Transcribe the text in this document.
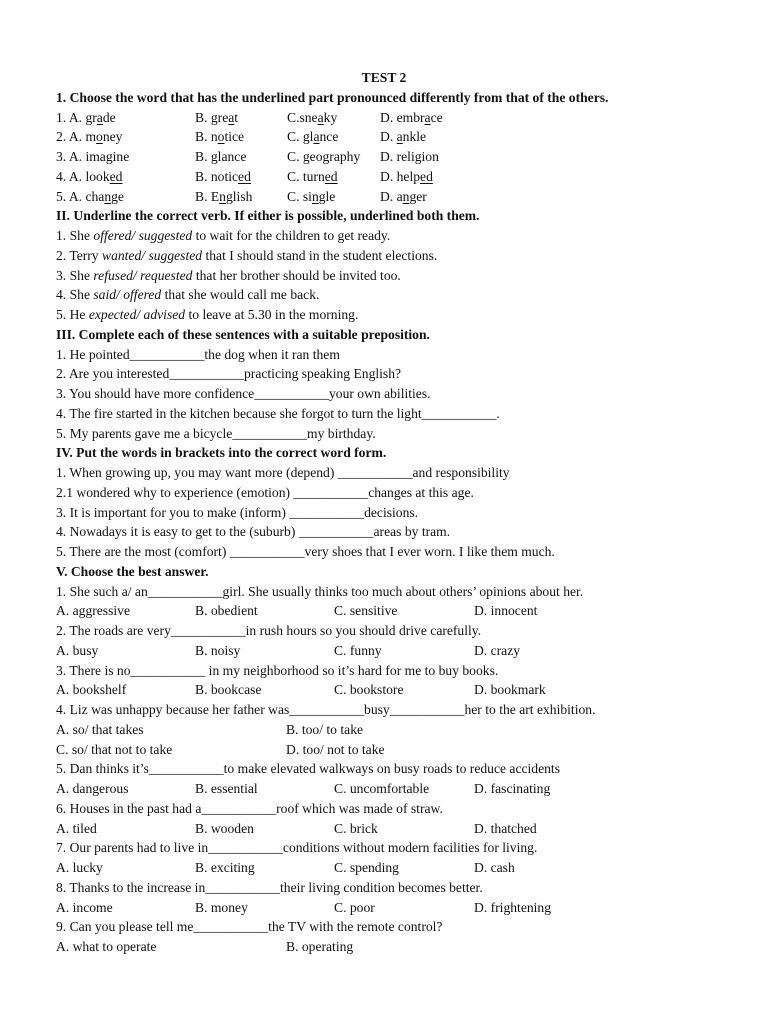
TEST 2
1. Choose the word that has the underlined part pronounced differently from that of the others.
1. A. grade	B. great	C.sneaky	D. embrace
2. A. money	B. notice	C. glance	D. ankle
3. A. imagine	B. glance	C. geography D. religion
4. A. looked	B. noticed	C. turned	D. helped
5. A. change	B. English	C. single	D. anger
II. Underline the correct verb. If either is possible, underlined both them.
1. She offered/ suggested to wait for the children to get ready.
2. Terry wanted/ suggested that I should stand in the student elections.
3. She refused/ requested that her brother should be invited too.
4. She said/ offered that she would call me back.
5. He expected/ advised to leave at 5.30 in the morning.
III. Complete each of these sentences with a suitable preposition.
1. He pointed___________the dog when it ran them
2. Are you interested___________practicing speaking English?
3. You should have more confidence___________your own abilities.
4. The fire started in the kitchen because she forgot to turn the light___________.
5. My parents gave me a bicycle___________my birthday.
IV. Put the words in brackets into the correct word form.
1. When growing up, you may want more (depend) ___________and responsibility
2.1 wondered why to experience (emotion) ___________changes at this age.
3. It is important for you to make (inform) ___________decisions.
4. Nowadays it is easy to get to the (suburb) ___________areas by tram.
5. There are the most (comfort) ___________very shoes that I ever worn. I like them much.
V. Choose the best answer.
1. She such a/ an___________girl. She usually thinks too much about others’ opinions about her.
A. aggressive	B. obedient	C. sensitive	D. innocent
2. The roads are very___________in rush hours so you should drive carefully.
A. busy	B. noisy	C. funny	D. crazy
3. There is no___________ in my neighborhood so it’s hard for me to buy books.
A. bookshelf	B. bookcase	C. bookstore	D. bookmark
4. Liz was unhappy because her father was___________busy___________her to the art exhibition.
A. so/ that takes	B. too/ to take
C. so/ that not to take	D. too/ not to take
5. Dan thinks it’s___________to make elevated walkways on busy roads to reduce accidents
A. dangerous	B. essential	C. uncomfortable	D. fascinating
6. Houses in the past had a___________roof which was made of straw.
A. tiled	B. wooden	C. brick	D. thatched
7. Our parents had to live in___________conditions without modern facilities for living.
A. lucky	B. exciting	C. spending	D. cash
8. Thanks to the increase in___________their living condition becomes better.
A. income	B. money	C. poor	D. frightening
9. Can you please tell me___________the TV with the remote control?
A. what to operate	B. operating
